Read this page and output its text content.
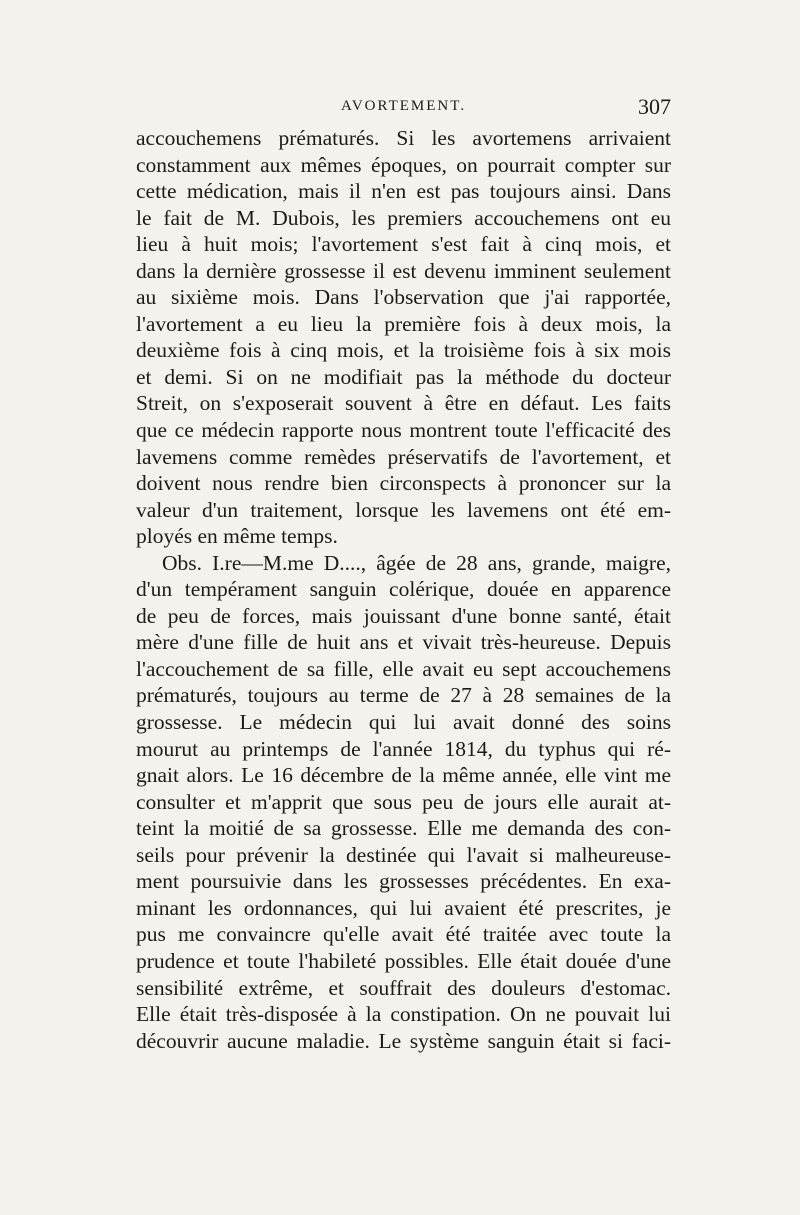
AVORTEMENT.	307
accouchemens prématurés. Si les avortemens arrivaient
constamment aux mêmes époques, on pourrait compter sur
cette médication, mais il n'en est pas toujours ainsi. Dans
le fait de M. Dubois, les premiers accouchemens ont eu
lieu à huit mois; l'avortement s'est fait à cinq mois, et
dans la dernière grossesse il est devenu imminent seulement
au sixième mois. Dans l'observation que j'ai rapportée,
l'avortement a eu lieu la première fois à deux mois, la
deuxième fois à cinq mois, et la troisième fois à six mois
et demi. Si on ne modifiait pas la méthode du docteur
Streit, on s'exposerait souvent à être en défaut. Les faits
que ce médecin rapporte nous montrent toute l'efficacité des
lavemens comme remèdes préservatifs de l'avortement, et
doivent nous rendre bien circonspects à prononcer sur la
valeur d'un traitement, lorsque les lavemens ont été em-
ployés en même temps.
Obs. I.re—M.me D...., âgée de 28 ans, grande, maigre,
d'un tempérament sanguin colérique, douée en apparence
de peu de forces, mais jouissant d'une bonne santé, était
mère d'une fille de huit ans et vivait très-heureuse. Depuis
l'accouchement de sa fille, elle avait eu sept accouchemens
prématurés, toujours au terme de 27 à 28 semaines de la
grossesse. Le médecin qui lui avait donné des soins
mourut au printemps de l'année 1814, du typhus qui ré-
gnait alors. Le 16 décembre de la même année, elle vint me
consulter et m'apprit que sous peu de jours elle aurait at-
teint la moitié de sa grossesse. Elle me demanda des con-
seils pour prévenir la destinée qui l'avait si malheureuse-
ment poursuivie dans les grossesses précédentes. En exa-
minant les ordonnances, qui lui avaient été prescrites, je
pus me convaincre qu'elle avait été traitée avec toute la
prudence et toute l'habileté possibles. Elle était douée d'une
sensibilité extrême, et souffrait des douleurs d'estomac.
Elle était très-disposée à la constipation. On ne pouvait lui
découvrir aucune maladie. Le système sanguin était si faci-
